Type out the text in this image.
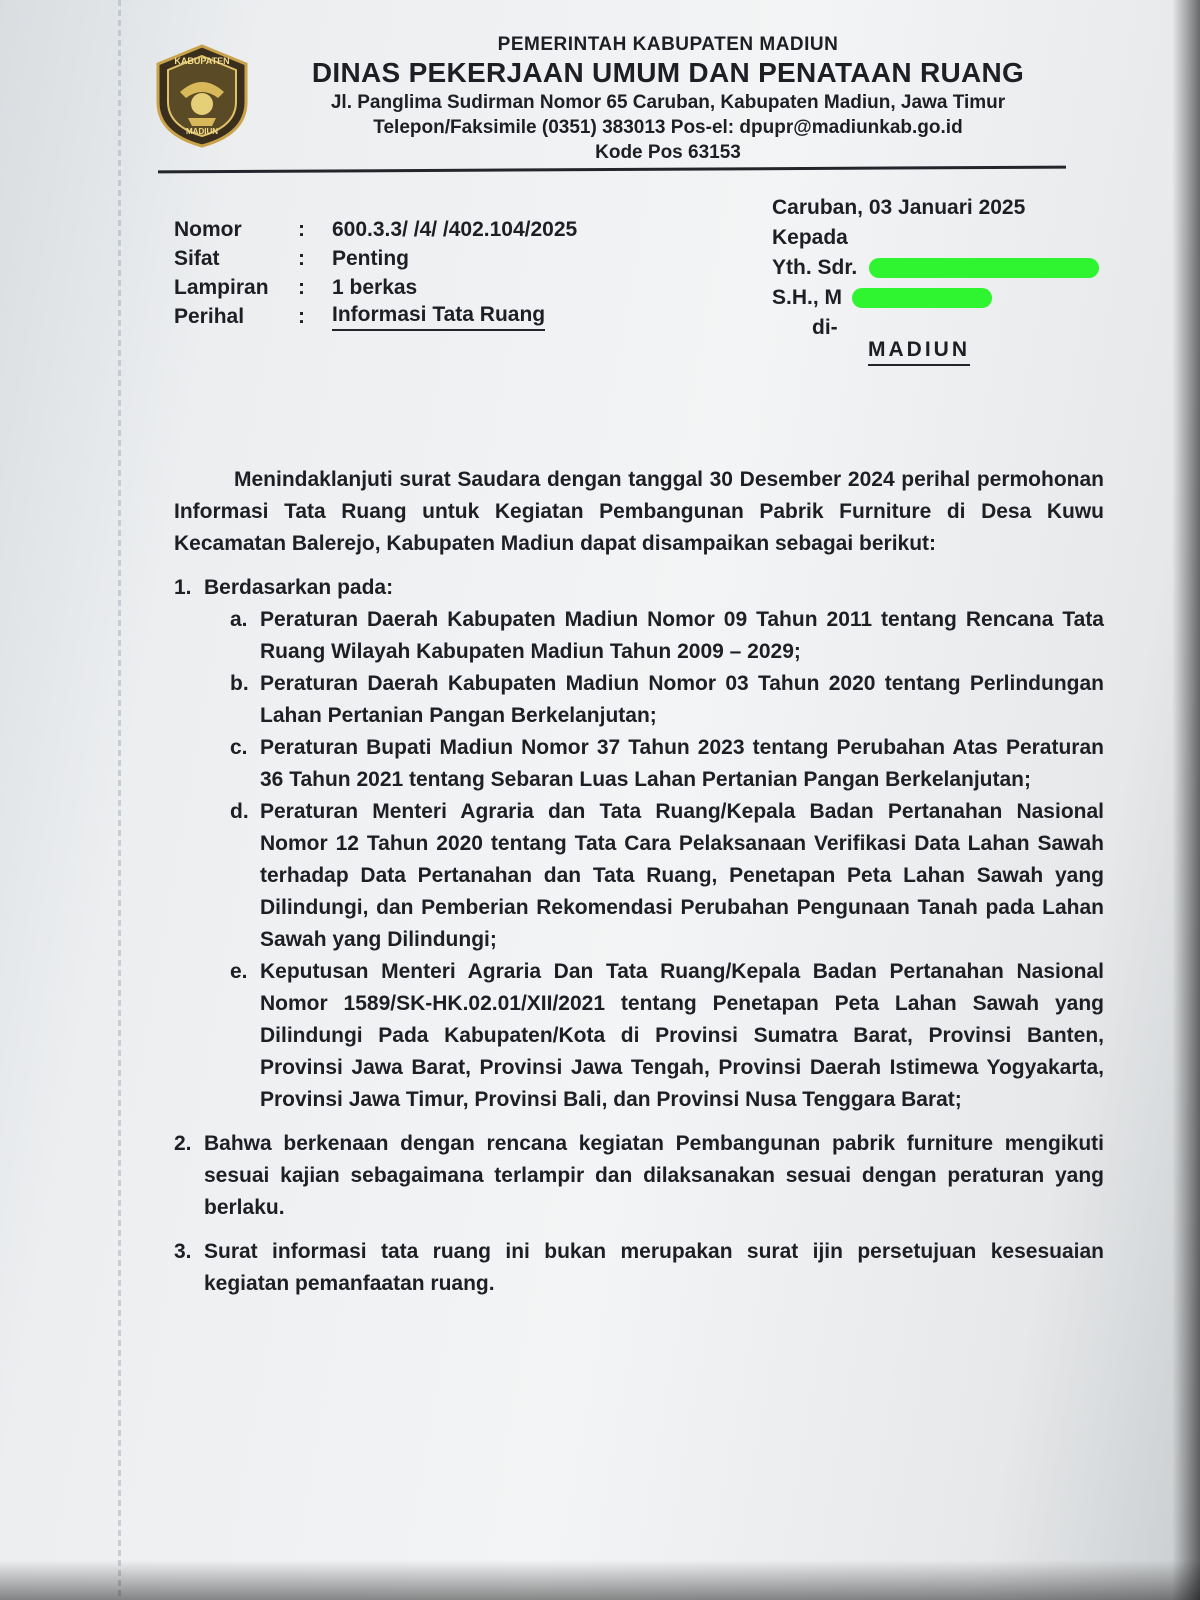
KABUPATEN
MADIUN
PEMERINTAH KABUPATEN MADIUN
DINAS PEKERJAAN UMUM DAN PENATAAN RUANG
Jl. Panglima Sudirman Nomor 65 Caruban, Kabupaten Madiun, Jawa Timur
Telepon/Faksimile (0351) 383013 Pos-el: dpupr@madiunkab.go.id
Kode Pos 63153
Nomor	:	600.3.3/ /4/ /402.104/2025
Sifat	:	Penting
Lampiran	:	1 berkas
Perihal	:	Informasi Tata Ruang
Caruban, 03 Januari 2025
Kepada
Yth. Sdr.
S.H., M
di-
MADIUN
Menindaklanjuti surat Saudara dengan tanggal 30 Desember 2024 perihal permohonan Informasi Tata Ruang untuk Kegiatan Pembangunan Pabrik Furniture di Desa Kuwu Kecamatan Balerejo, Kabupaten Madiun dapat disampaikan sebagai berikut:
1. Berdasarkan pada:
a. Peraturan Daerah Kabupaten Madiun Nomor 09 Tahun 2011 tentang Rencana Tata Ruang Wilayah Kabupaten Madiun Tahun 2009 – 2029;
b. Peraturan Daerah Kabupaten Madiun Nomor 03 Tahun 2020 tentang Perlindungan Lahan Pertanian Pangan Berkelanjutan;
c. Peraturan Bupati Madiun Nomor 37 Tahun 2023 tentang Perubahan Atas Peraturan 36 Tahun 2021 tentang Sebaran Luas Lahan Pertanian Pangan Berkelanjutan;
d. Peraturan Menteri Agraria dan Tata Ruang/Kepala Badan Pertanahan Nasional Nomor 12 Tahun 2020 tentang Tata Cara Pelaksanaan Verifikasi Data Lahan Sawah terhadap Data Pertanahan dan Tata Ruang, Penetapan Peta Lahan Sawah yang Dilindungi, dan Pemberian Rekomendasi Perubahan Pengunaan Tanah pada Lahan Sawah yang Dilindungi;
e. Keputusan Menteri Agraria Dan Tata Ruang/Kepala Badan Pertanahan Nasional Nomor 1589/SK-HK.02.01/XII/2021 tentang Penetapan Peta Lahan Sawah yang Dilindungi Pada Kabupaten/Kota di Provinsi Sumatra Barat, Provinsi Banten, Provinsi Jawa Barat, Provinsi Jawa Tengah, Provinsi Daerah Istimewa Yogyakarta, Provinsi Jawa Timur, Provinsi Bali, dan Provinsi Nusa Tenggara Barat;
2. Bahwa berkenaan dengan rencana kegiatan Pembangunan pabrik furniture mengikuti sesuai kajian sebagaimana terlampir dan dilaksanakan sesuai dengan peraturan yang berlaku.
3. Surat informasi tata ruang ini bukan merupakan surat ijin persetujuan kesesuaian kegiatan pemanfaatan ruang.
